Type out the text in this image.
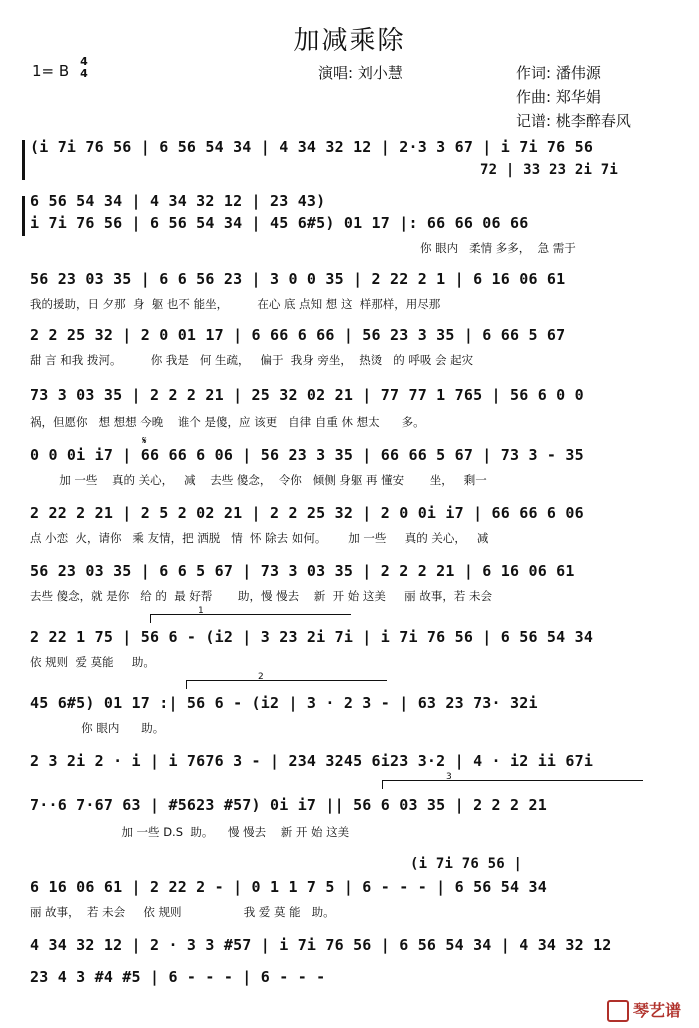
加减乘除
1= B
4
4	演唱: 刘小慧	作词: 潘伟源
作曲: 郑华娟
记谱: 桃李醉春风
(i 7i 76 56 | 6 56 54 34 | 4 34 32 12 | 2·3 3 67 | i 7i 76 56
72 | 33 23 2i 7i
6 56 54 34 | 4 34 32 12 | 23 43)
i 7i 76 56 | 6 56 54 34 | 45 6#5) 01 17 |: 66 66 06 66
你 眼内   柔情 多多，  急 需于
56 23 03 35 | 6 6 56 23 | 3 0 0 35 | 2 22 2 1 | 6 16 06 61
我的援助，日 夕那  身  躯 也不 能坐，        在心 底 点知 想 这  样那样，用尽那
2 2 25 32 | 2 0 01 17 | 6 66 6 66 | 56 23 3 35 | 6 66 5 67
甜 言 和我 拨河。        你 我是   何 生疏，   偏于  我身 旁坐，  热烫   的 呼吸 会 起灾
73 3 03 35 | 2 2 2 21 | 25 32 02 21 | 77 77 1 765 | 56 6 0 0
祸，但愿你   想 想想 今晚    谁个 是傻，应 该更   自律 自重 休 想太      多。
𝄋
0 0 0i i7 | 66 66 6 06 | 56 23 3 35 | 66 66 5 67 | 73 3 - 35
加 一些    真的 关心，   减    去些 傻念，  令你   倾侧 身躯 再 懂安       坐，   剩一
2 22 2 21 | 2 5 2 02 21 | 2 2 25 32 | 2 0 0i i7 | 66 66 6 06
点 小恋  火，请你   乘 友情，把 洒脱   情  怀 除去 如何。      加 一些     真的 关心，   减
56 23 03 35 | 6 6 5 67 | 73 3 03 35 | 2 2 2 21 | 6 16 06 61
去些 傻念，就 是你   给 的  最 好帮       助，慢 慢去    新  开 始 这美     丽 故事，若 未会
1
2 22 1 75 | 56 6 - (i2 | 3 23 2i 7i | i 7i 76 56 | 6 56 54 34
依 规则  爱 莫能     助。
2
45 6#5) 01 17 :| 56 6 - (i2 | 3 · 2 3 - | 63 23 73· 32i
你 眼内      助。
2 3 2i 2 · i | i 7676 3 - | 234 3245 6i23 3·2 | 4 · i2 ii 67i
3
7··6 7·67 63 | #5623 #57) 0i i7 || 56 6 03 35 | 2 2 2 21
加 一些 D.S  助。    慢 慢去    新 开 始 这美
(i 7i 76 56 |
6 16 06 61 | 2 22 2 - | 0 1 1 7 5 | 6 - - - | 6 56 54 34
丽 故事，  若 未会     依 规则                 我 爱 莫 能   助。
4 34 32 12 | 2 · 3 3 #57 | i 7i 76 56 | 6 56 54 34 | 4 34 32 12
23 4 3 #4 #5 | 6 - - - | 6 - - -
琴艺谱
